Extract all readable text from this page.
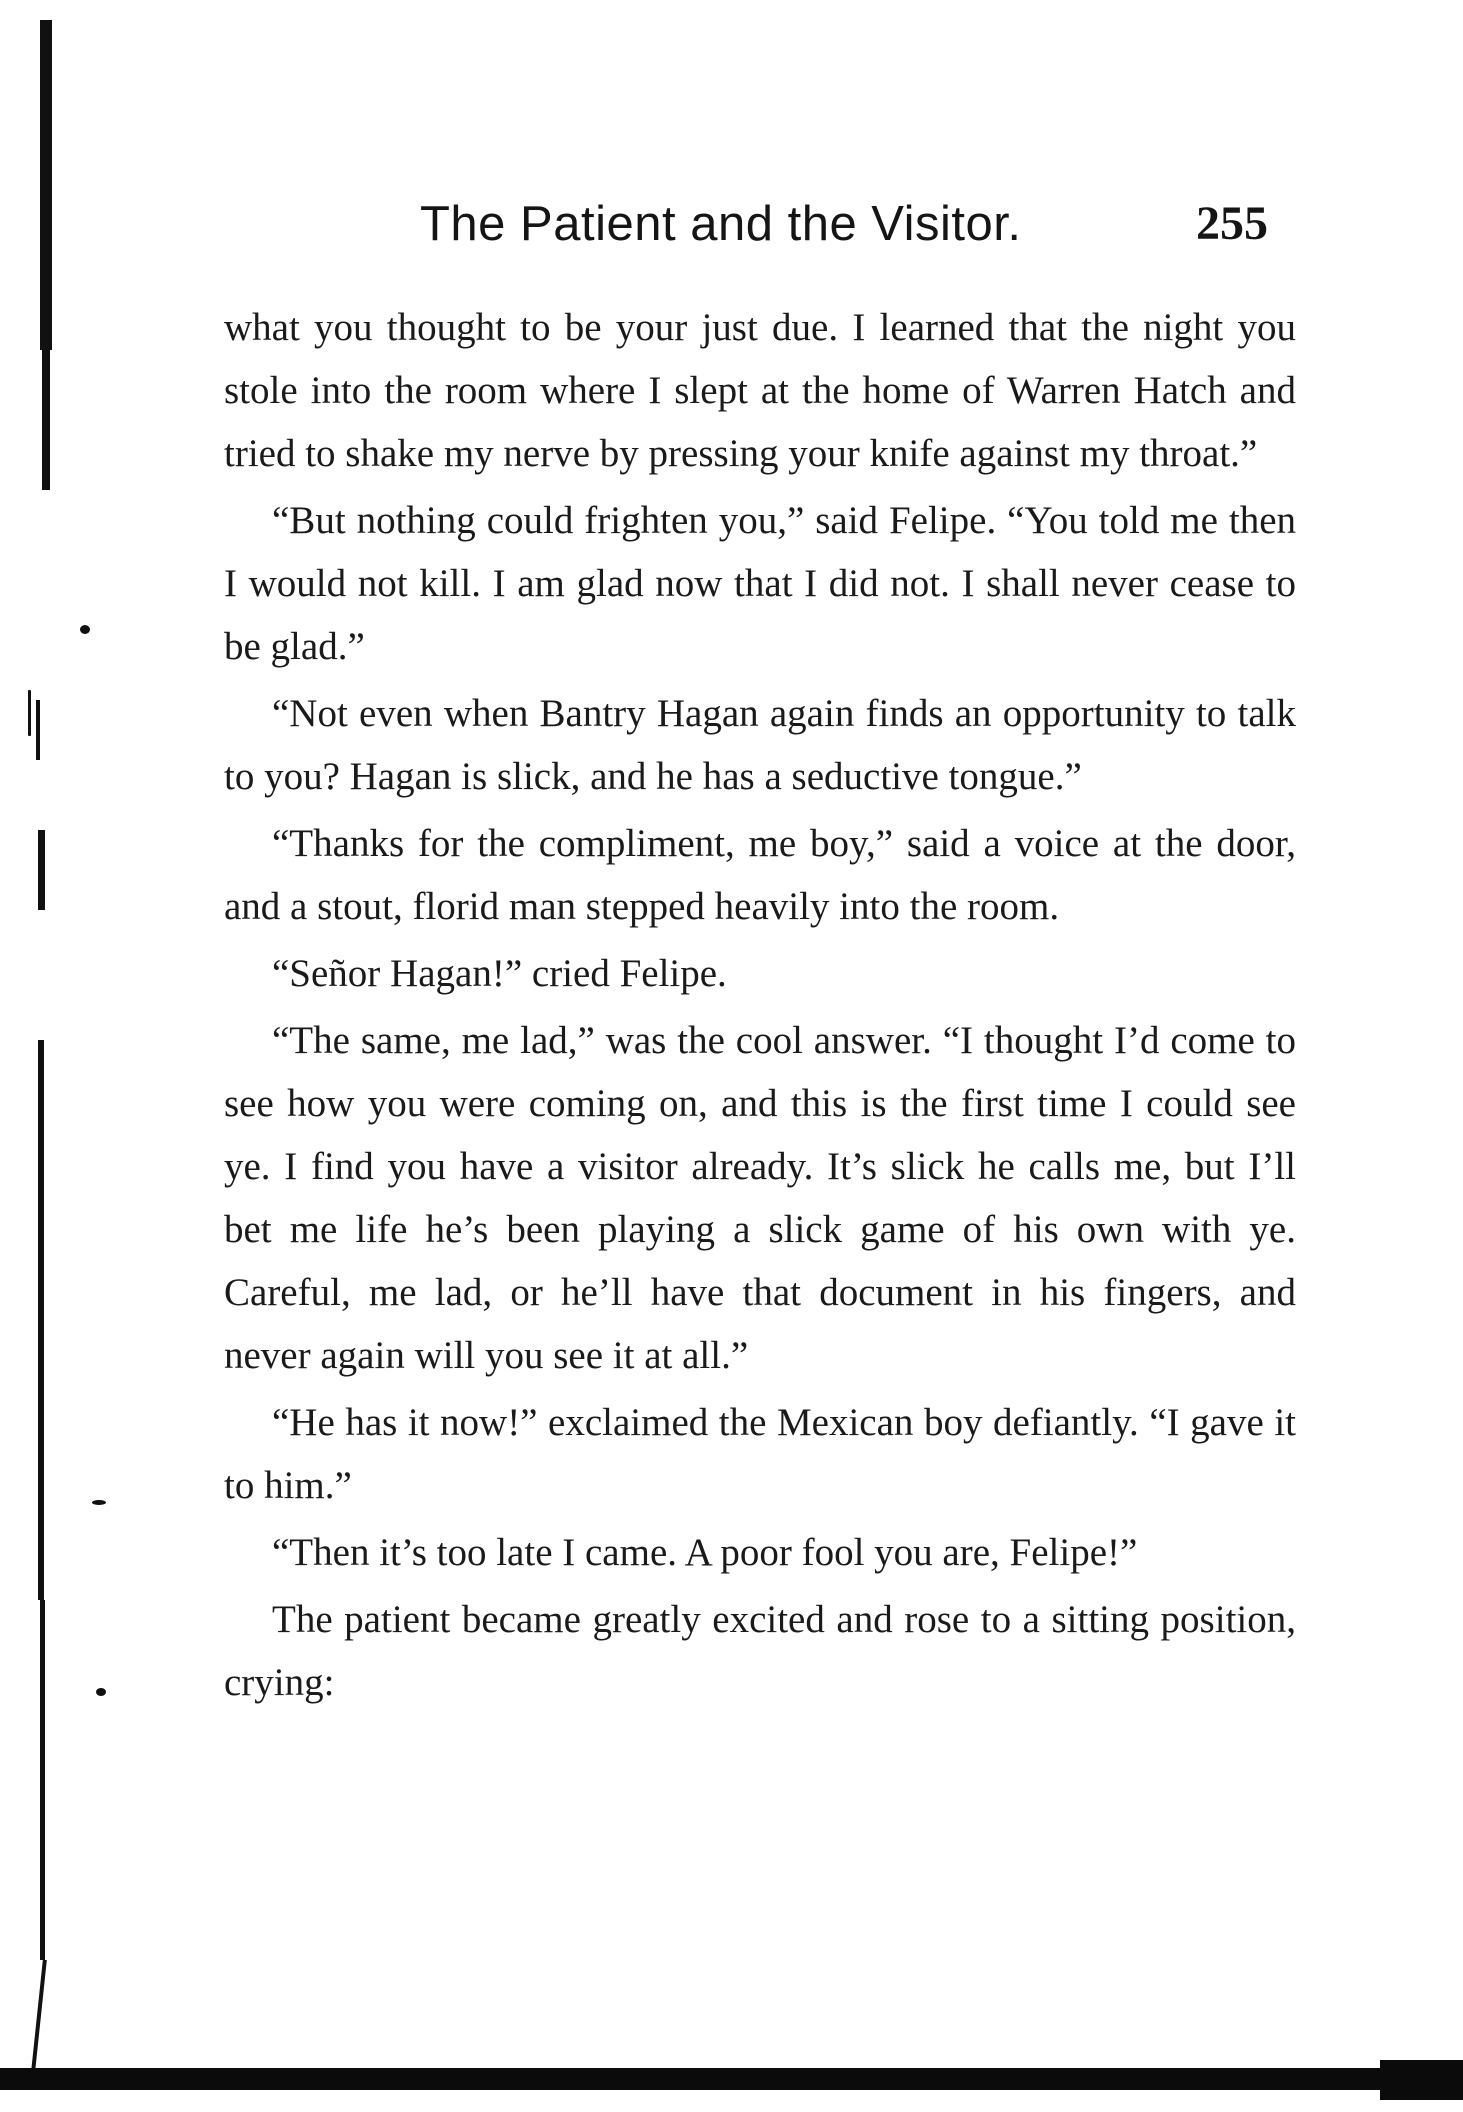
The Patient and the Visitor.	255

what you thought to be your just due. I learned that the night you stole into the room where I slept at the home of Warren Hatch and tried to shake my nerve by pressing your knife against my throat.”

“But nothing could frighten you,” said Felipe. “You told me then I would not kill. I am glad now that I did not. I shall never cease to be glad.”

“Not even when Bantry Hagan again finds an opportunity to talk to you? Hagan is slick, and he has a seductive tongue.”

“Thanks for the compliment, me boy,” said a voice at the door, and a stout, florid man stepped heavily into the room.

“Señor Hagan!” cried Felipe.

“The same, me lad,” was the cool answer. “I thought I’d come to see how you were coming on, and this is the first time I could see ye. I find you have a visitor already. It’s slick he calls me, but I’ll bet me life he’s been playing a slick game of his own with ye. Careful, me lad, or he’ll have that document in his fingers, and never again will you see it at all.”

“He has it now!” exclaimed the Mexican boy defiantly. “I gave it to him.”

“Then it’s too late I came. A poor fool you are, Felipe!”

The patient became greatly excited and rose to a sitting position, crying:
